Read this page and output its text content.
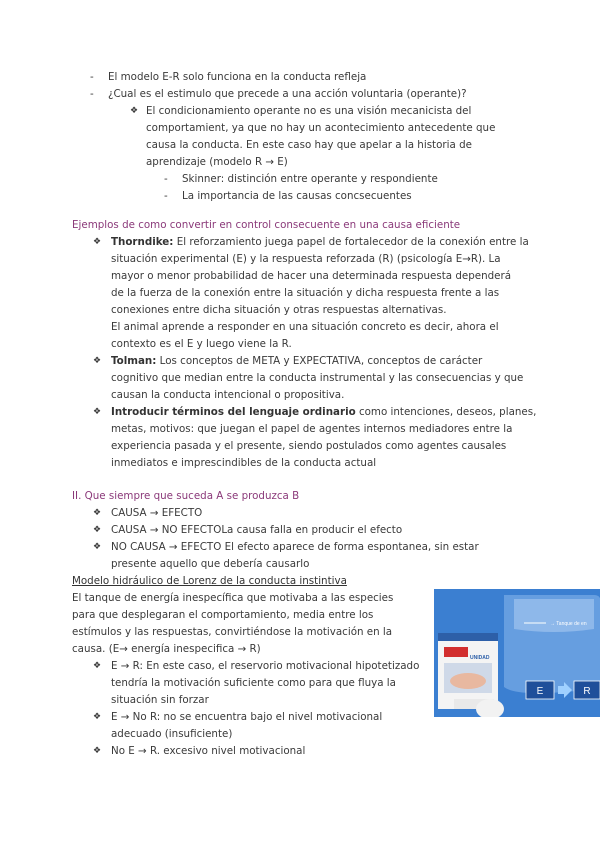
- El modelo E-R solo funciona en la conducta refleja
- ¿Cual es el estimulo que precede a una acción voluntaria (operante)?
❖ El condicionamiento operante no es una visión mecanicista del
comportamient, ya que no hay un acontecimiento antecedente que
causa la conducta. En este caso hay que apelar a la historia de
aprendizaje (modelo R → E)
- Skinner: distinción entre operante y respondiente
- La importancia de las causas concsecuentes
Ejemplos de como convertir en control consecuente en una causa eficiente
❖ Thorndike: El reforzamiento juega papel de fortalecedor de la conexión entre la
situación experimental (E) y la respuesta reforzada (R) (psicología E→R). La
mayor o menor probabilidad de hacer una determinada respuesta dependerá
de la fuerza de la conexión entre la situación y dicha respuesta frente a las
conexiones entre dicha situación y otras respuestas alternativas.
El animal aprende a responder en una situación concreto es decir, ahora el
contexto es el E y luego viene la R.
❖ Tolman: Los conceptos de META y EXPECTATIVA, conceptos de carácter
cognitivo que median entre la conducta instrumental y las consecuencias y que
causan la conducta intencional o propositiva.
❖ Introducir términos del lenguaje ordinario como intenciones, deseos, planes,
metas, motivos: que juegan el papel de agentes internos mediadores entre la
experiencia pasada y el presente, siendo postulados como agentes causales
inmediatos e imprescindibles de la conducta actual
II. Que siempre que suceda A se produzca B
❖ CAUSA → EFECTO
❖ CAUSA → NO EFECTOLa causa falla en producir el efecto
❖ NO CAUSA → EFECTO El efecto aparece de forma espontanea, sin estar
presente aquello que debería causarlo
Modelo hidráulico de Lorenz de la conducta instintiva
El tanque de energía inespecífica que motivaba a las especies
para que desplegaran el comportamiento, media entre los
estímulos y las respuestas, convirtiéndose la motivación en la
causa. (E→ energía inespecifica → R)
❖ E → R: En este caso, el reservorio motivacional hipotetizado
tendría la motivación suficiente como para que fluya la
situación sin forzar
❖ E → No R: no se encuentra bajo el nivel motivacional
adecuado (insuficiente)
❖ No E → R. excesivo nivel motivacional
→ Tanque de en
UNIDAD
E	R
